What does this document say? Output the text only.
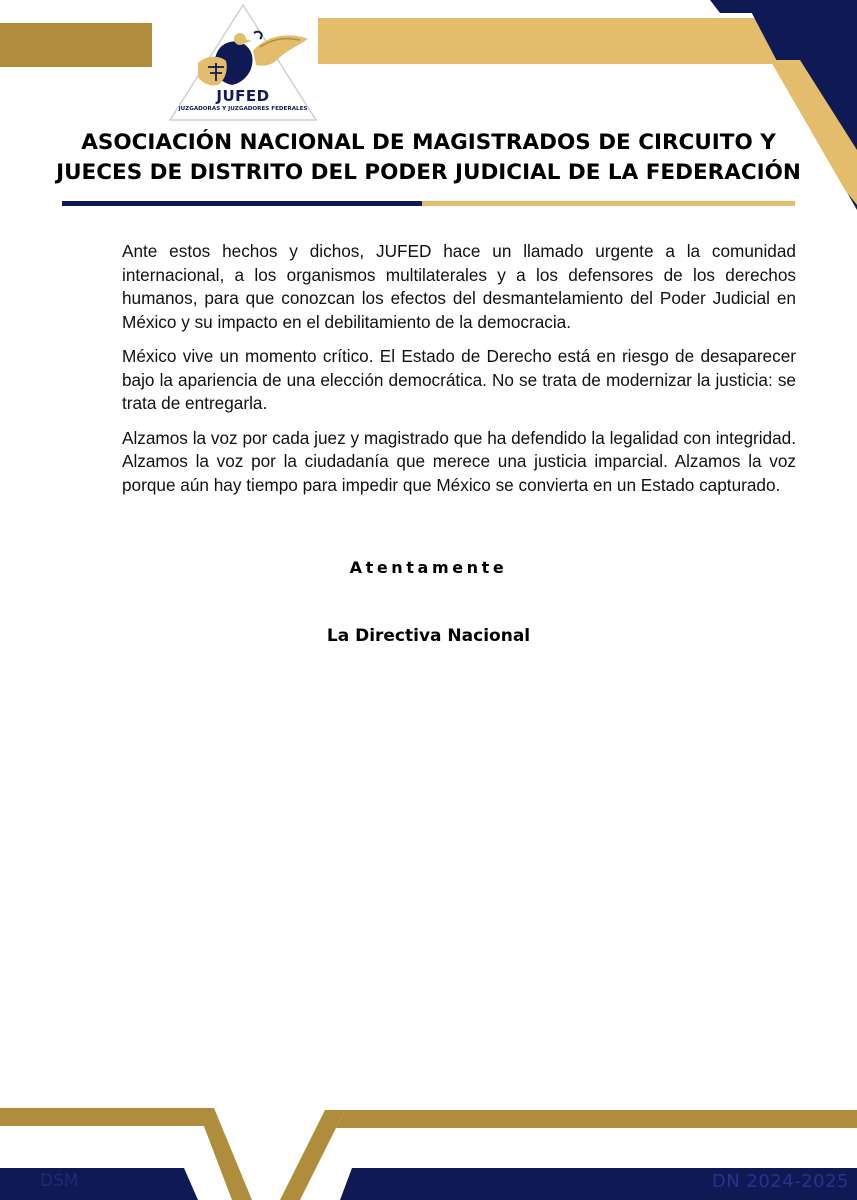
JUFED
JUZGADORAS Y JUZGADORES FEDERALES
ASOCIACIÓN NACIONAL DE MAGISTRADOS DE CIRCUITO Y
JUECES DE DISTRITO DEL PODER JUDICIAL DE LA FEDERACIÓN

Ante estos hechos y dichos, JUFED hace un llamado urgente a la comunidad internacional, a los organismos multilaterales y a los defensores de los derechos humanos, para que conozcan los efectos del desmantelamiento del Poder Judicial en México y su impacto en el debilitamiento de la democracia.

México vive un momento crítico. El Estado de Derecho está en riesgo de desaparecer bajo la apariencia de una elección democrática. No se trata de modernizar la justicia: se trata de entregarla.

Alzamos la voz por cada juez y magistrado que ha defendido la legalidad con integridad. Alzamos la voz por la ciudadanía que merece una justicia imparcial. Alzamos la voz porque aún hay tiempo para impedir que México se convierta en un Estado capturado.

Atentamente
La Directiva Nacional
DSM	DN 2024-2025
